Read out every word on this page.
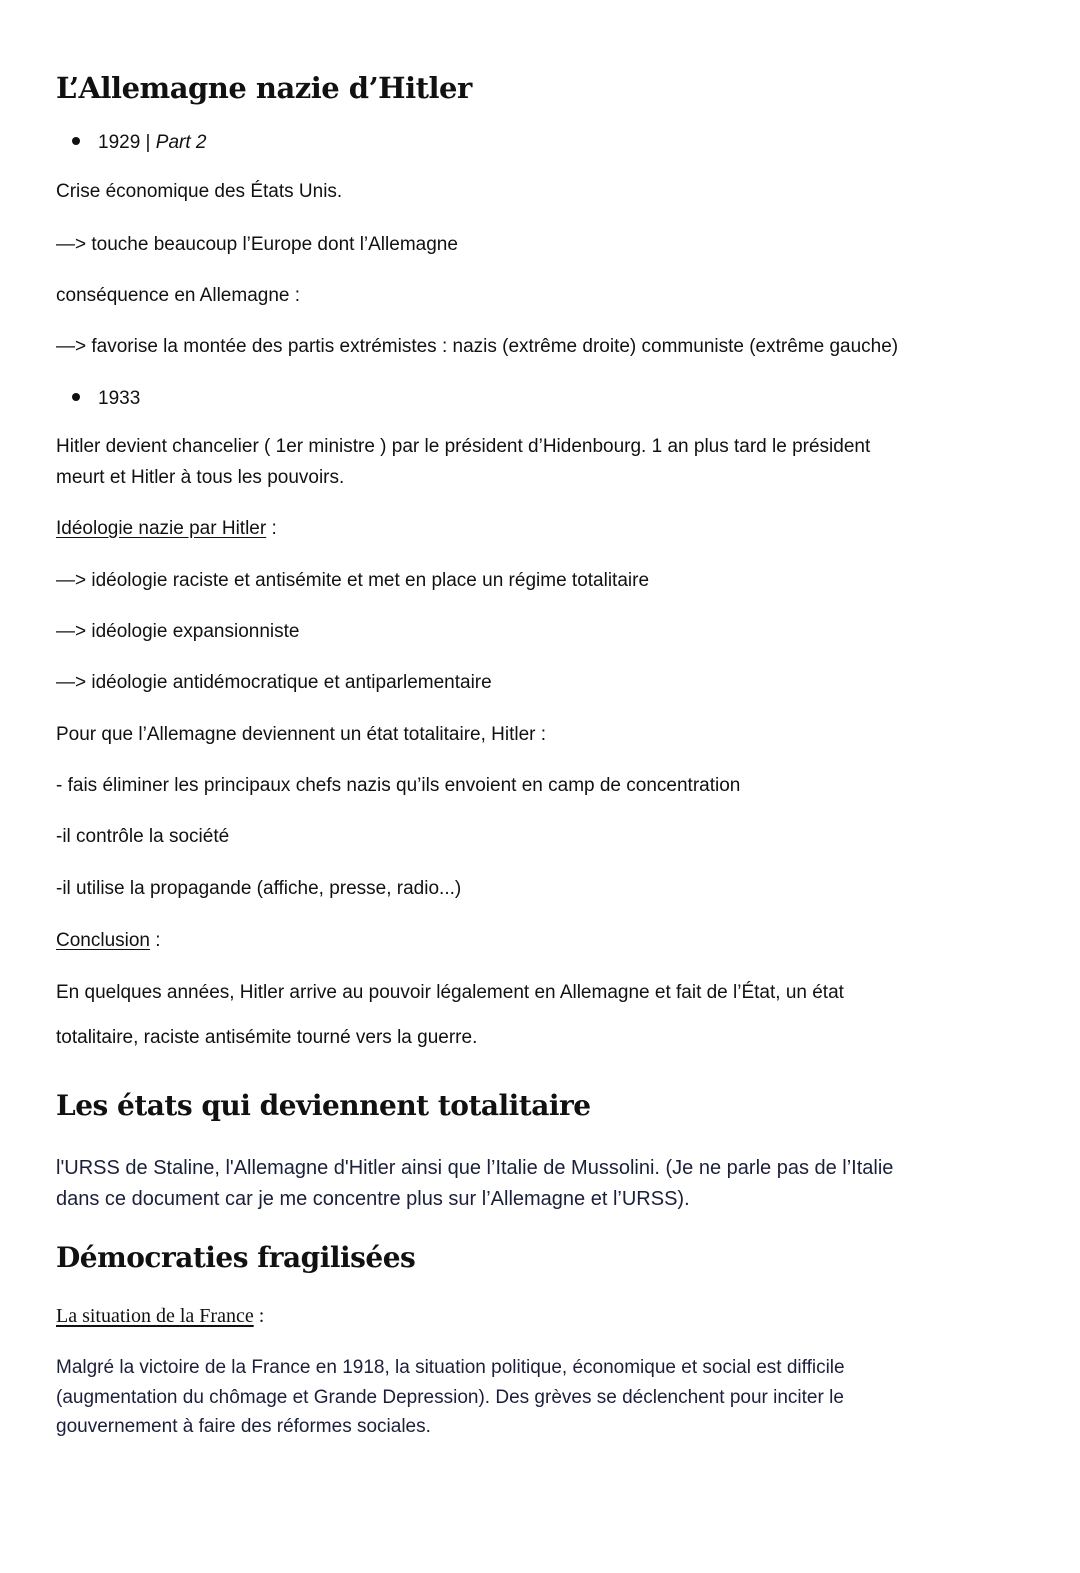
L’Allemagne nazie d’Hitler
1929 | Part 2
Crise économique des États Unis.
—> touche beaucoup l’Europe dont l’Allemagne
conséquence en Allemagne :
—> favorise la montée des partis extrémistes : nazis (extrême droite) communiste (extrême gauche)
1933
Hitler devient chancelier ( 1er ministre ) par le président d’Hidenbourg. 1 an plus tard le président
meurt et Hitler à tous les pouvoirs.
Idéologie nazie par Hitler :
—> idéologie raciste et antisémite et met en place un régime totalitaire
—> idéologie expansionniste
—> idéologie antidémocratique et antiparlementaire
Pour que l’Allemagne deviennent un état totalitaire, Hitler :
- fais éliminer les principaux chefs nazis qu’ils envoient en camp de concentration
-il contrôle la société
-il utilise la propagande (affiche, presse, radio...)
Conclusion :
En quelques années, Hitler arrive au pouvoir légalement en Allemagne et fait de l’État, un état
totalitaire, raciste antisémite tourné vers la guerre.
Les états qui deviennent totalitaire
l'URSS de Staline, l'Allemagne d'Hitler ainsi que l’Italie de Mussolini. (Je ne parle pas de l’Italie
dans ce document car je me concentre plus sur l’Allemagne et l’URSS).
Démocraties fragilisées
La situation de la France :
Malgré la victoire de la France en 1918, la situation politique, économique et social est difficile
(augmentation du chômage et Grande Depression). Des grèves se déclenchent pour inciter le
gouvernement à faire des réformes sociales.
